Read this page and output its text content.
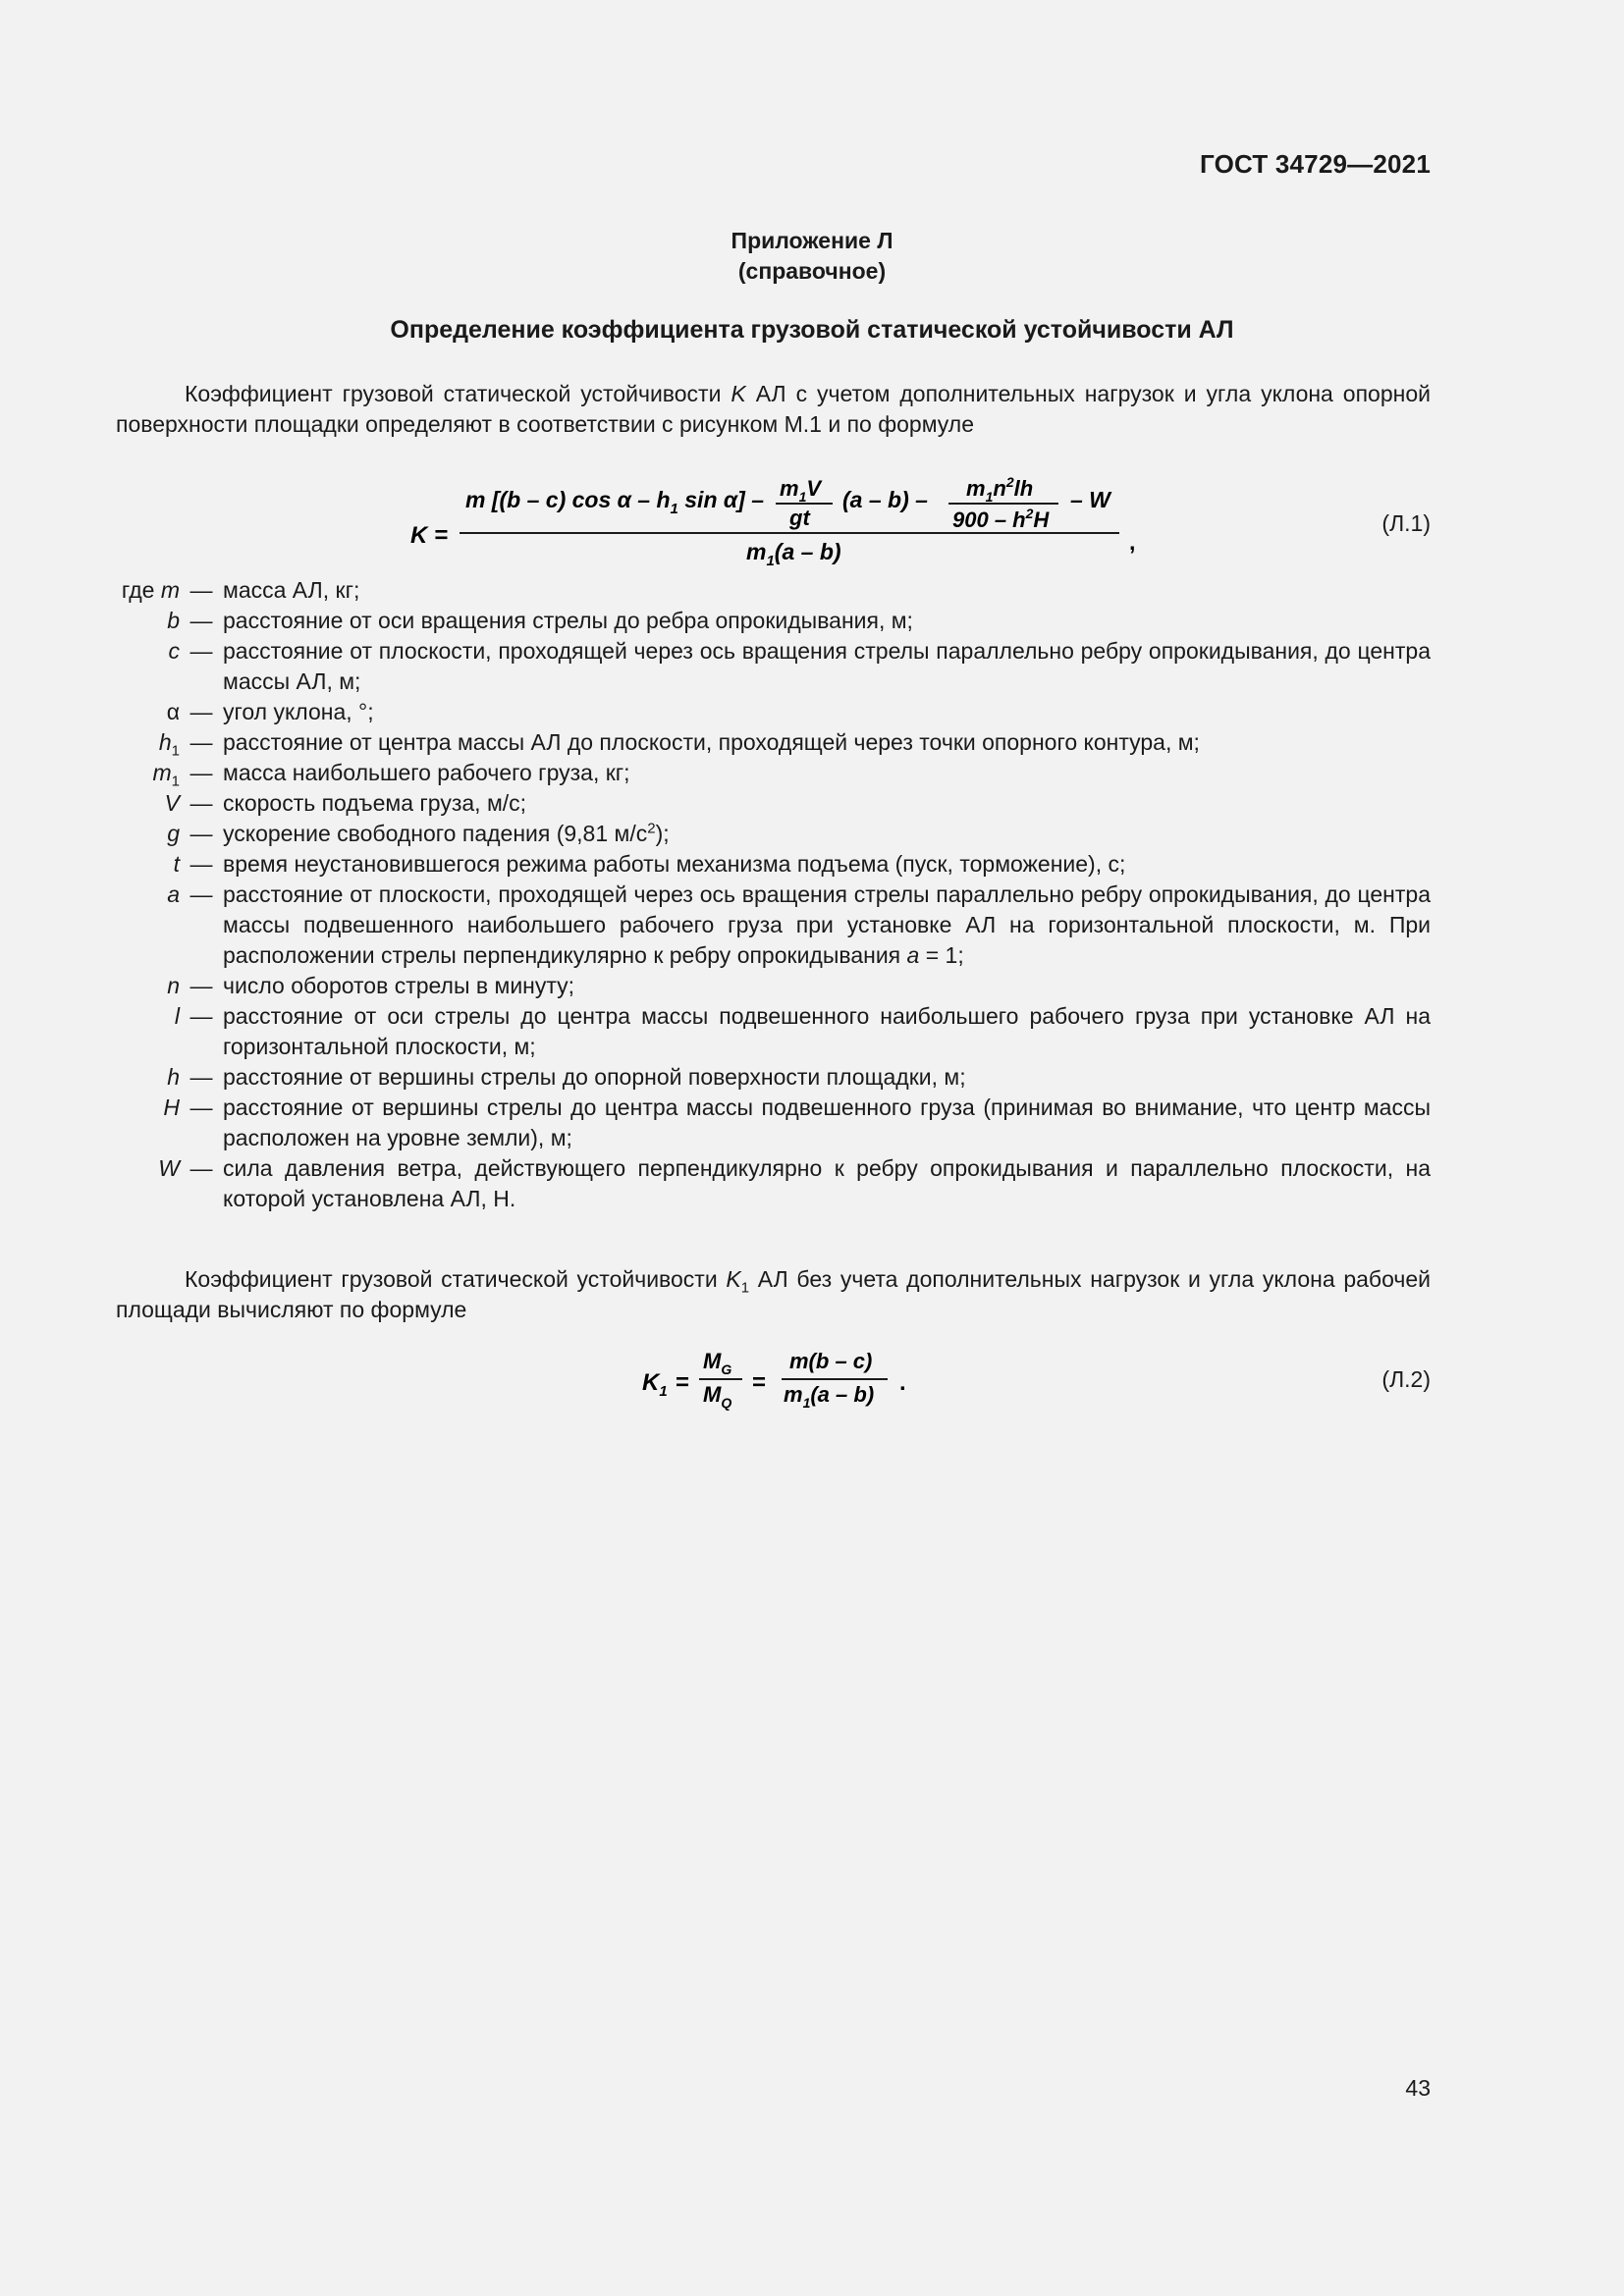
ГОСТ 34729—2021
Приложение Л
(справочное)
Определение коэффициента грузовой статической устойчивости АЛ

Коэффициент грузовой статической устойчивости K АЛ с учетом дополнительных нагрузок и угла уклона опорной поверхности площадки определяют в соответствии с рисунком М.1 и по формуле

K =
m [(b – c) cos α – $h_1$ $\sin \alpha] - m_1V$
gt
$(a - b) - m_1n^2lh$
$900 - h^2H$
– W
$m_1(a - b)$	,
(Л.1)
где m — масса АЛ, кг;
b — расстояние от оси вращения стрелы до ребра опрокидывания, м;
c — расстояние от плоскости, проходящей через ось вращения стрелы параллельно ребру опрокидывания, до центра массы АЛ, м;
α — угол уклона, °;
$h_1$ — расстояние от центра массы АЛ до плоскости, проходящей через точки опорного контура, м;
$m_1$ — масса наибольшего рабочего груза, кг;
V — скорость подъема груза, м/с;
g — ускорение свободного падения (9,81 $м/с^2$);
t — время неустановившегося режима работы механизма подъема (пуск, торможение), с;
a — расстояние от плоскости, проходящей через ось вращения стрелы параллельно ребру опрокидывания, до центра массы подвешенного наибольшего рабочего груза при установке АЛ на горизонтальной плоскости, м. При расположении стрелы перпендикулярно к ребру опрокидывания a = 1;
n — число оборотов стрелы в минуту;
l — расстояние от оси стрелы до центра массы подвешенного наибольшего рабочего груза при установке АЛ на горизонтальной плоскости, м;
h — расстояние от вершины стрелы до опорной поверхности площадки, м;
H — расстояние от вершины стрелы до центра массы подвешенного груза (принимая во внимание, что центр массы расположен на уровне земли), м;
W — сила давления ветра, действующего перпендикулярно к ребру опрокидывания и параллельно плоскости, на которой установлена АЛ, Н.

Коэффициент грузовой статической устойчивости $K_1$ АЛ без учета дополнительных нагрузок и угла уклона рабочей площади вычисляют по формуле

$K_1$ =
$M_G$
$M_Q$
=
m(b – c)
$m_1(a - b)$ .	(Л.2)
43
